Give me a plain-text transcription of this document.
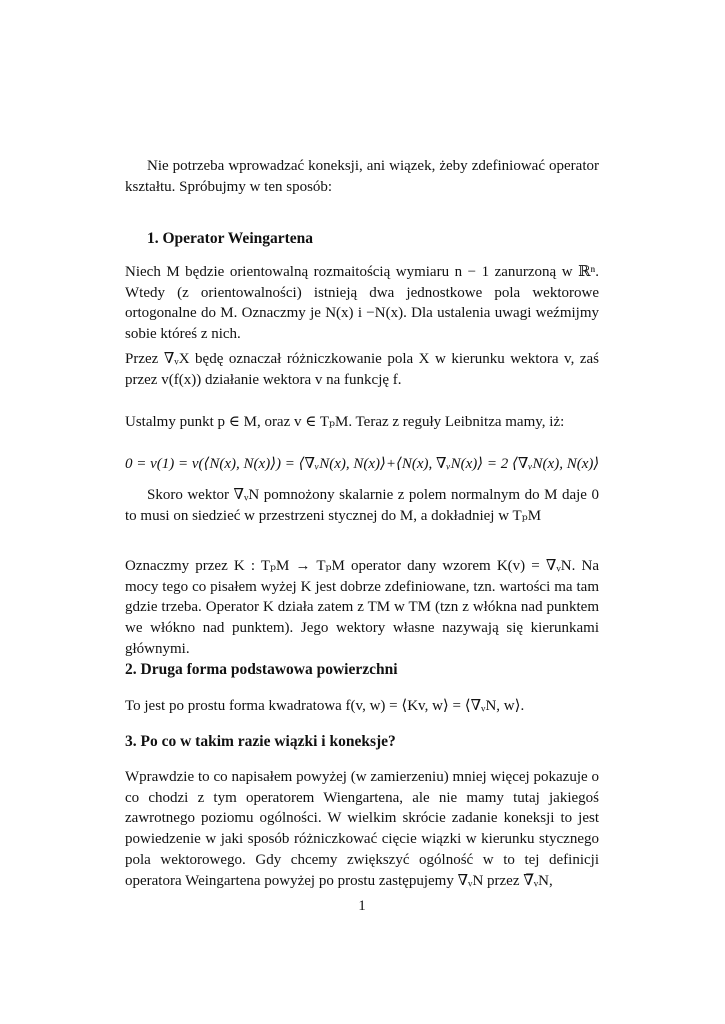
Nie potrzeba wprowadzać koneksji, ani wiązek, żeby zdefiniować operator kształtu. Spróbujmy w ten sposób:

1. Operator Weingartena

Niech M będzie orientowalną rozmaitością wymiaru n − 1 zanurzoną w ℝⁿ. Wtedy (z orientowalności) istnieją dwa jednostkowe pola wektorowe ortogonalne do M. Oznaczmy je N(x) i −N(x). Dla ustalenia uwagi weźmijmy sobie któreś z nich.

Przez ∇ᵥX będę oznaczał różniczkowanie pola X w kierunku wektora v, zaś przez v(f(x)) działanie wektora v na funkcję f.

Ustalmy punkt p ∈ M, oraz v ∈ TₚM. Teraz z reguły Leibnitza mamy, iż:

0 = v(1) = v(⟨N(x), N(x)⟩) = ⟨∇ᵥN(x), N(x)⟩+⟨N(x), ∇ᵥN(x)⟩ = 2 ⟨∇ᵥN(x), N(x)⟩

Skoro wektor ∇ᵥN pomnożony skalarnie z polem normalnym do M daje 0 to musi on siedzieć w przestrzeni stycznej do M, a dokładniej w TₚM

Oznaczmy przez K : TₚM → TₚM operator dany wzorem K(v) = ∇ᵥN. Na mocy tego co pisałem wyżej K jest dobrze zdefiniowane, tzn. wartości ma tam gdzie trzeba. Operator K działa zatem z TM w TM (tzn z włókna nad punktem we włókno nad punktem). Jego wektory własne nazywają się kierunkami głównymi.

2. Druga forma podstawowa powierzchni

To jest po prostu forma kwadratowa f(v, w) = ⟨Kv, w⟩ = ⟨∇ᵥN, w⟩.

3. Po co w takim razie wiązki i koneksje?

Wprawdzie to co napisałem powyżej (w zamierzeniu) mniej więcej pokazuje o co chodzi z tym operatorem Wiengartena, ale nie mamy tutaj jakiegoś zawrotnego poziomu ogólności. W wielkim skrócie zadanie koneksji to jest powiedzenie w jaki sposób różniczkować cięcie wiązki w kierunku stycznego pola wektorowego. Gdy chcemy zwiększyć ogólność w to tej definicji operatora Weingartena powyżej po prostu zastępujemy ∇ᵥN przez ∇̅ᵥN,

1
